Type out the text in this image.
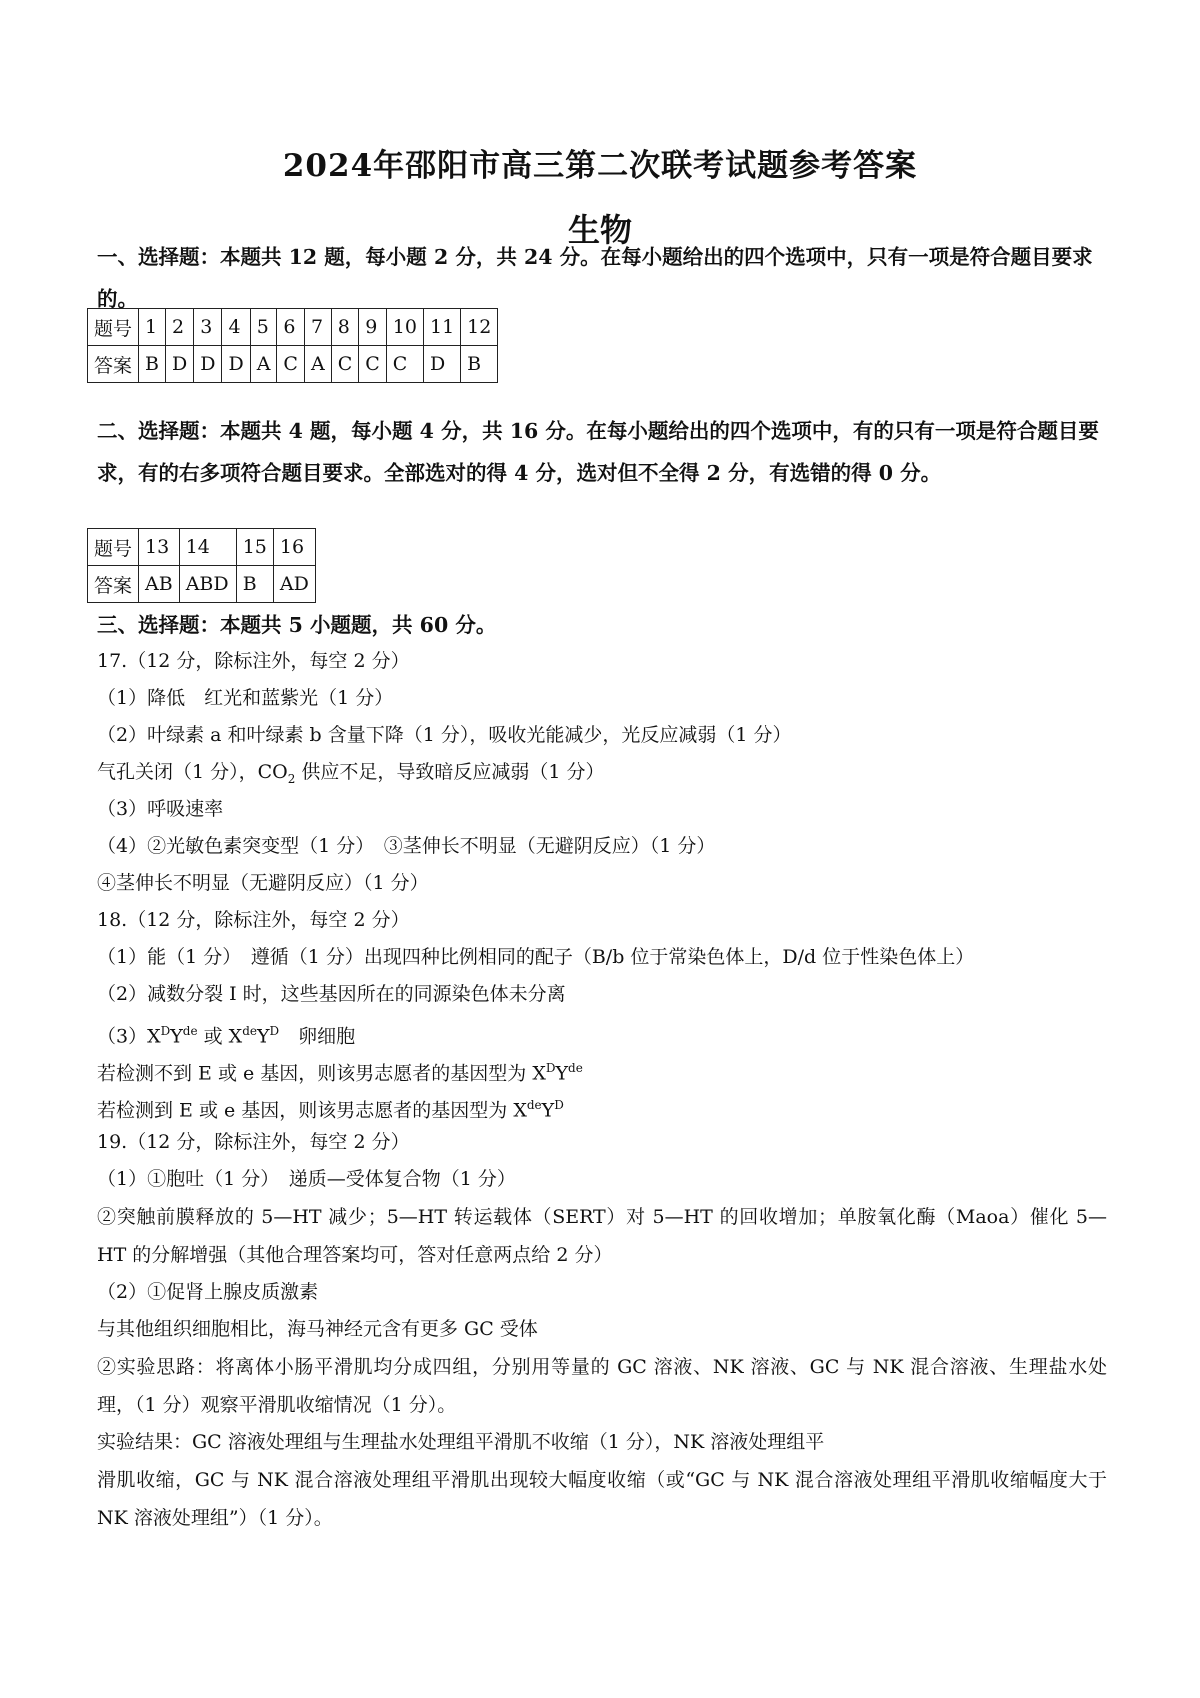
2024年邵阳市高三第二次联考试题参考答案
生物
一、选择题：本题共 12 题，每小题 2 分，共 24 分。在每小题给出的四个选项中，只有一项是符合题目要求的。
题号	1	2	3	4	5	6	7	8	9	10	11	12
答案	B	D	D	D	A	C	A	C	C	C	D	B
二、选择题：本题共 4 题，每小题 4 分，共 16 分。在每小题给出的四个选项中，有的只有一项是符合题目要求，有的右多项符合题目要求。全部选对的得 4 分，选对但不全得 2 分，有选错的得 0 分。
题号	13	14	15	16
答案	AB	ABD	B	AD
三、选择题：本题共 5 小题题，共 60 分。
17.（12 分，除标注外，每空 2 分）
（1）降低　红光和蓝紫光（1 分）
（2）叶绿素 a 和叶绿素 b 含量下降（1 分），吸收光能减少，光反应减弱（1 分）
气孔关闭（1 分），$CO_2$ 供应不足，导致暗反应减弱（1 分）
（3）呼吸速率
（4）②光敏色素突变型（1 分）　③茎伸长不明显（无避阴反应）（1 分）
④茎伸长不明显（无避阴反应）（1 分）
18.（12 分，除标注外，每空 2 分）
（1）能（1 分）　遵循（1 分）出现四种比例相同的配子（B/b 位于常染色体上，D/d 位于性染色体上）
（2）减数分裂 I 时，这些基因所在的同源染色体未分离
$(3)X^DY^{de}$ 或 $XdeY^D$　卵细胞
若检测不到 E 或 e 基因，则该男志愿者的基因型为 $X^DY^{de}$
若检测到 E 或 e 基因，则该男志愿者的基因型为 $XdeY^D$
19.（12 分，除标注外，每空 2 分）
（1）①胞吐（1 分）　递质—受体复合物（1 分）
②突触前膜释放的 5—HT 减少；5—HT 转运载体（SERT）对 5—HT 的回收增加；单胺氧化酶（Maoa）催化 5—HT 的分解增强（其他合理答案均可，答对任意两点给 2 分）
（2）①促肾上腺皮质激素
与其他组织细胞相比，海马神经元含有更多 GC 受体
②实验思路：将离体小肠平滑肌均分成四组，分别用等量的 GC 溶液、NK 溶液、GC 与 NK 混合溶液、生理盐水处理，（1 分）观察平滑肌收缩情况（1 分）。
实验结果：GC 溶液处理组与生理盐水处理组平滑肌不收缩（1 分），NK 溶液处理组平
滑肌收缩，GC 与 NK 混合溶液处理组平滑肌出现较大幅度收缩（或“GC 与 NK 混合溶液处理组平滑肌收缩幅度大于 NK 溶液处理组”）（1 分）。
